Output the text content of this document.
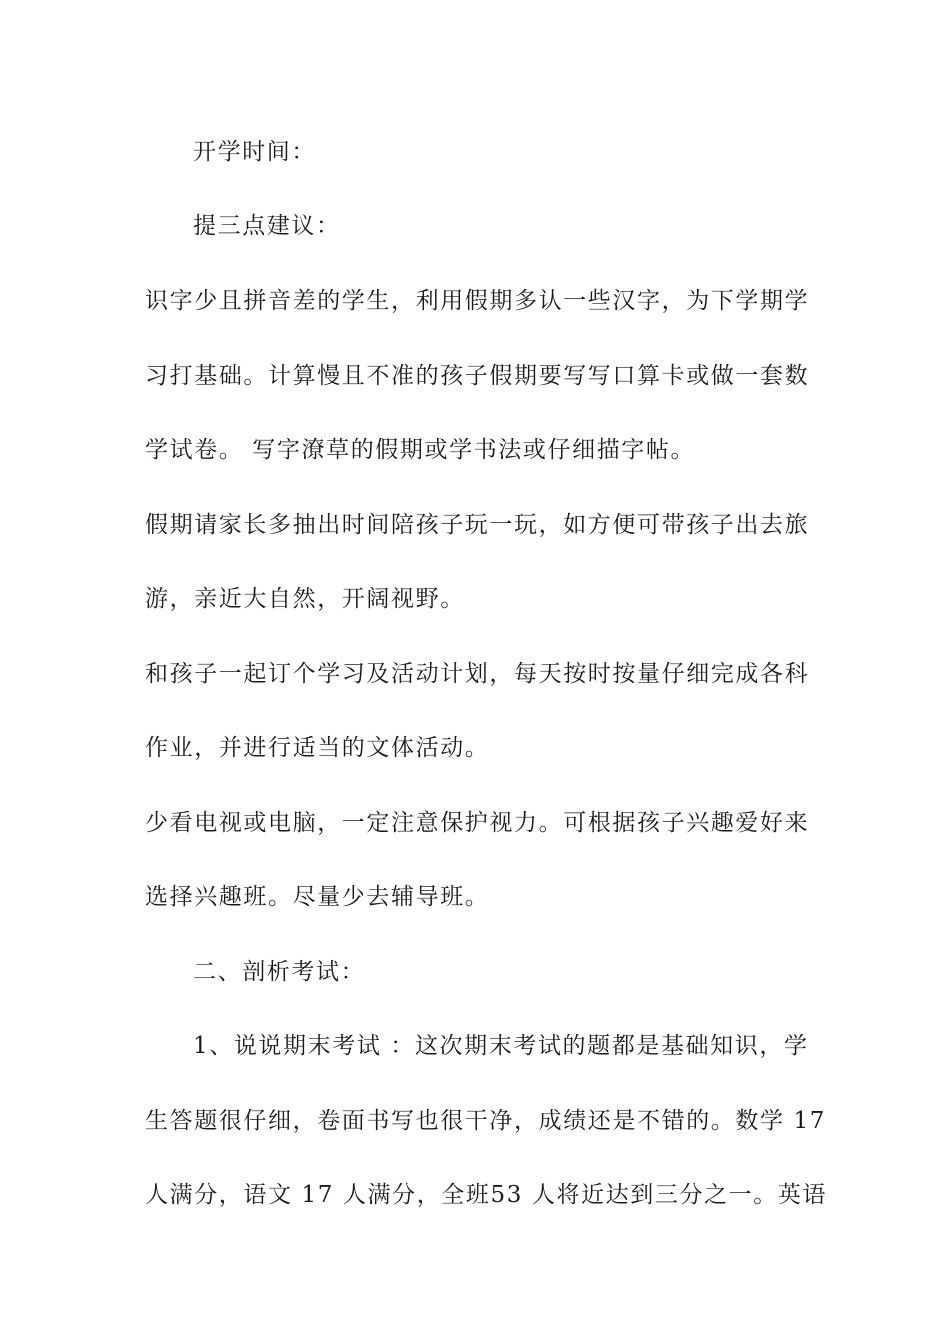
开学时间：
提三点建议：
识字少且拼音差的学生，利用假期多认一些汉字，为下学期学
习打基础。计算慢且不准的孩子假期要写写口算卡或做一套数
学试卷。 写字潦草的假期或学书法或仔细描字帖。
假期请家长多抽出时间陪孩子玩一玩，如方便可带孩子出去旅
游，亲近大自然，开阔视野。
和孩子一起订个学习及活动计划，每天按时按量仔细完成各科
作业，并进行适当的文体活动。
少看电视或电脑，一定注意保护视力。可根据孩子兴趣爱好来
选择兴趣班。尽量少去辅导班。
二、剖析考试：
1、说说期末考试 ：这次期末考试的题都是基础知识，学
生答题很仔细，卷面书写也很干净，成绩还是不错的。数学 17
人满分，语文 17 人满分，全班53 人将近达到三分之一。英语
